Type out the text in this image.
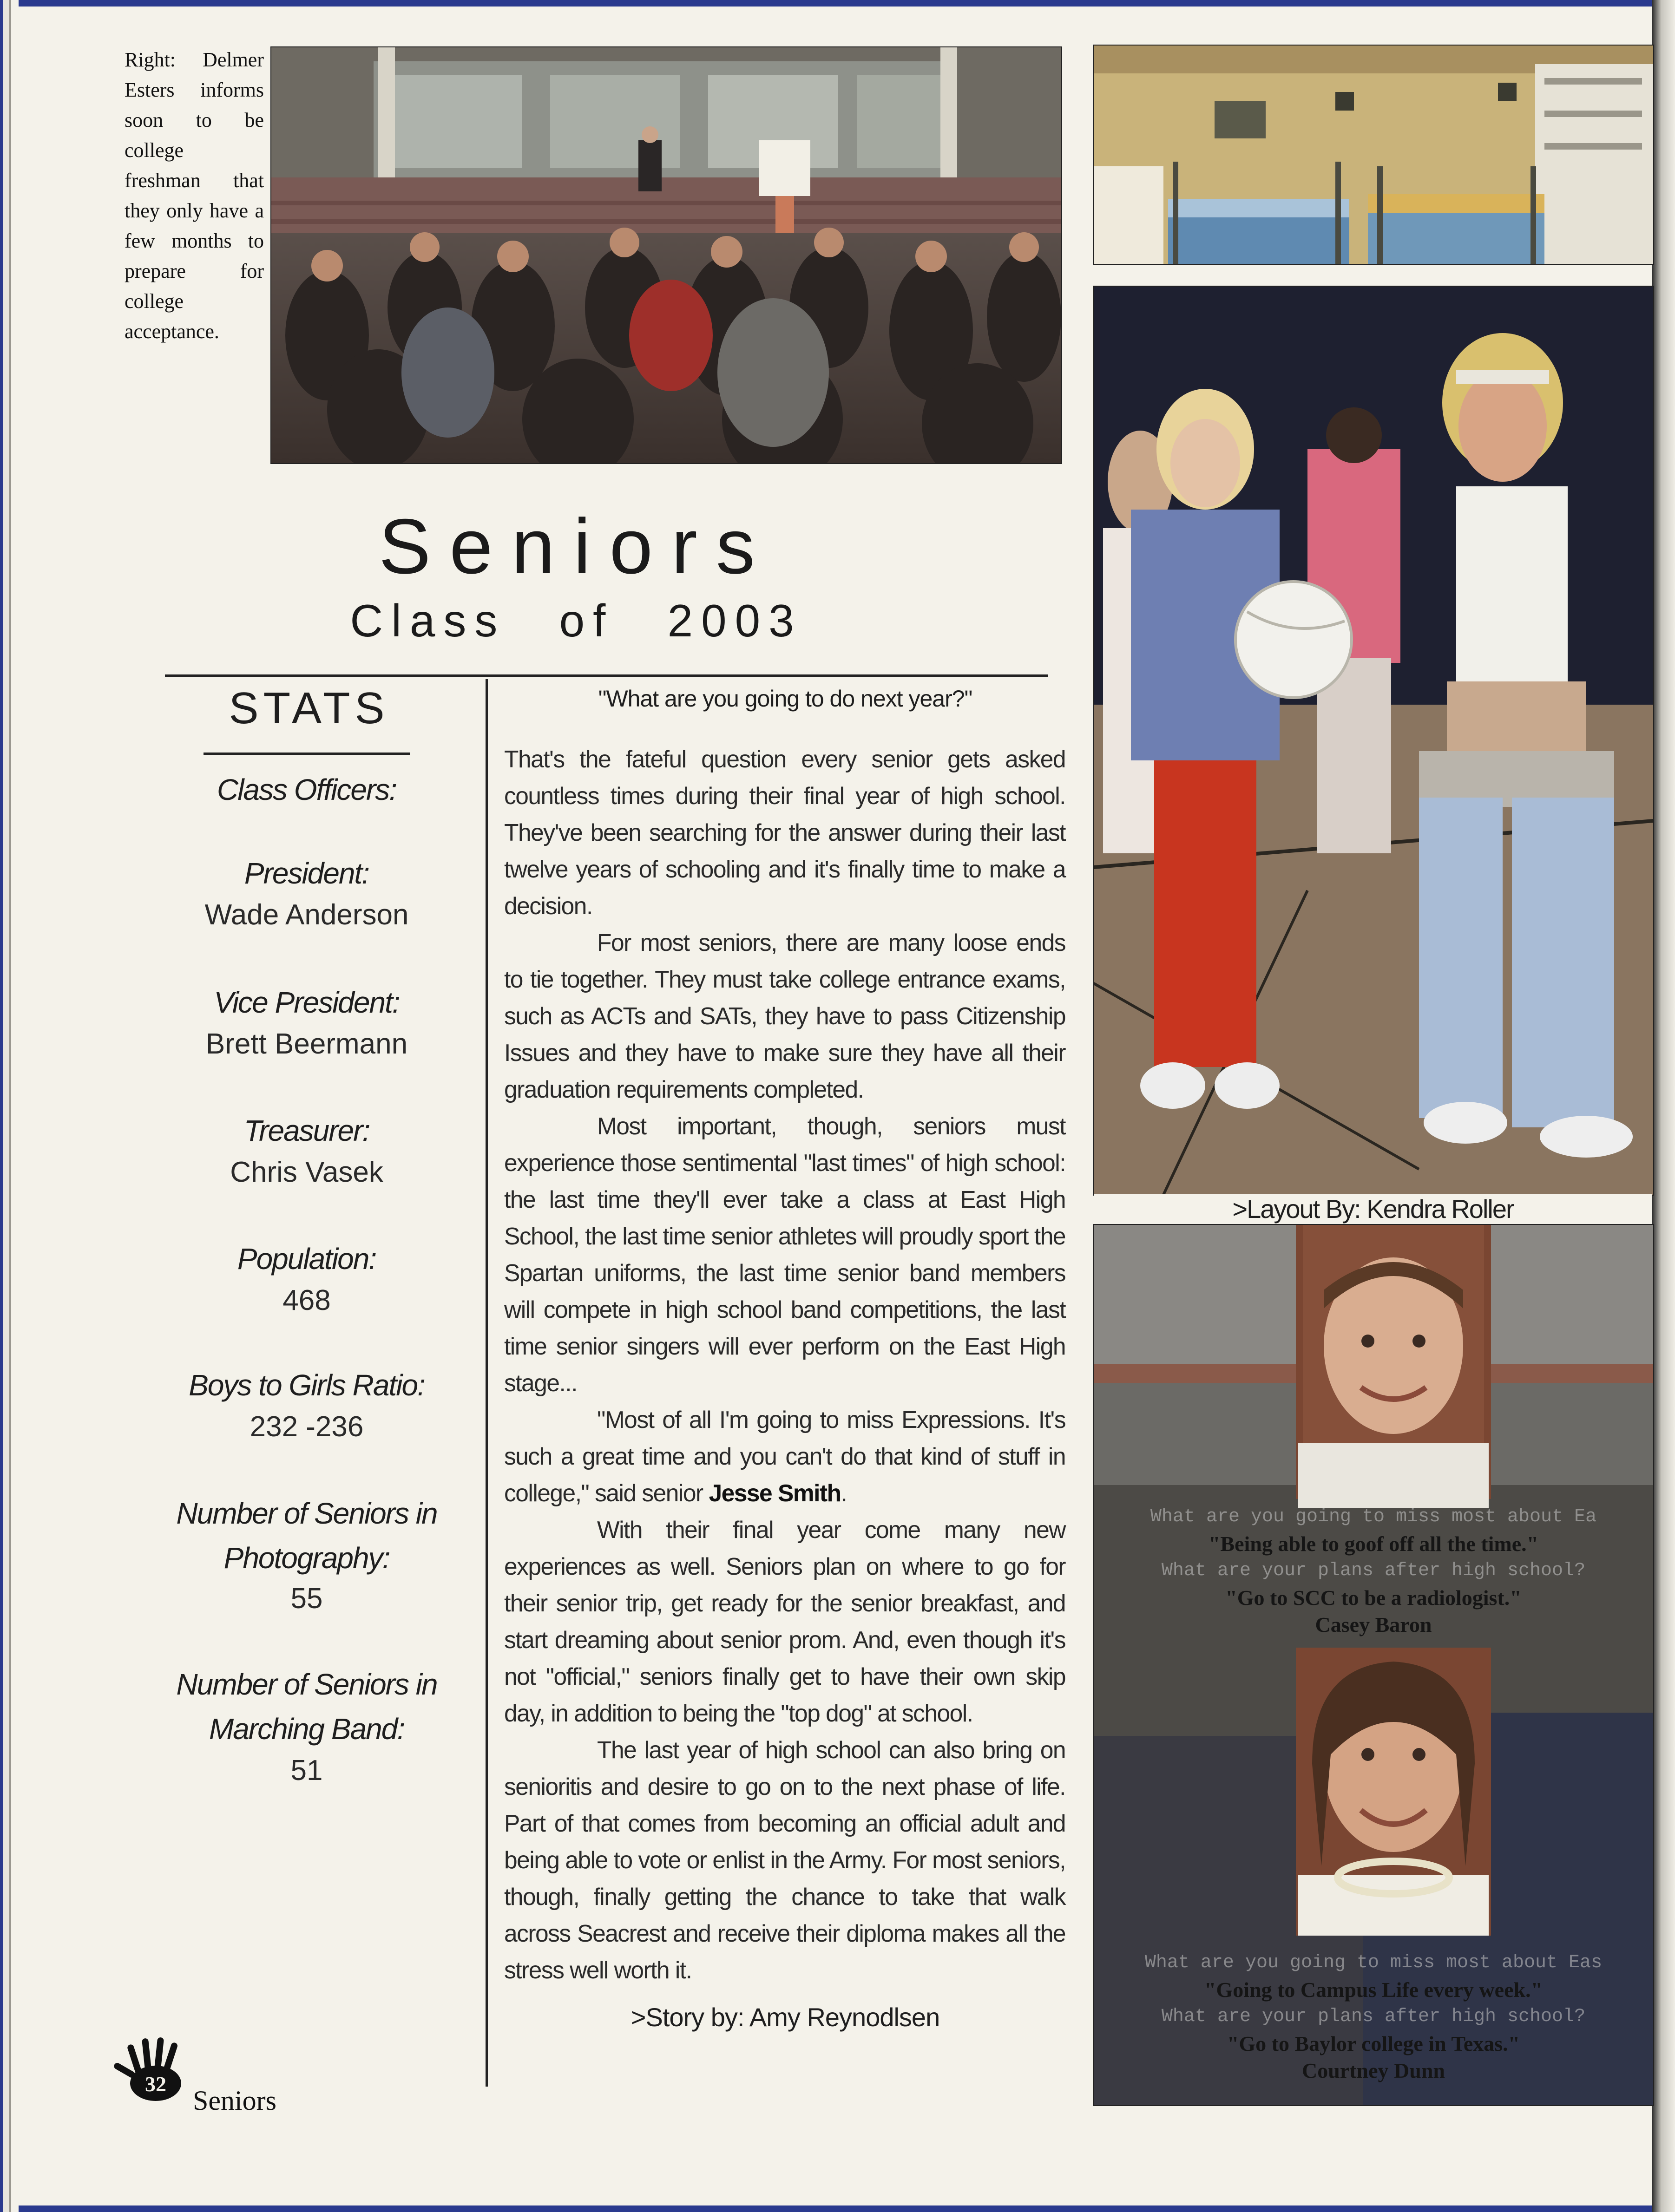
Right: Delmer Esters informs soon to be college freshman that they only have a few months to prepare for college acceptance.
>Layout By: Kendra Roller
What are you going to miss most about Ea
"Being able to goof off all the time."
What are your plans after high school?
"Go to SCC to be a radiologist."
Casey Baron
What are you going to miss most about Eas
"Going to Campus Life every week."
What are your plans after high school?
"Go to Baylor college in Texas."
Courtney Dunn
Seniors
Class of 2003
STATS
Class Officers:
President:
Wade Anderson
Vice President:
Brett Beermann
Treasurer:
Chris Vasek
Population:
468
Boys to Girls Ratio:
232 -236
Number of Seniors in
Photography:
55
Number of Seniors in
Marching Band:
51
"What are you going to do next year?"

That's the fateful question every senior gets asked countless times during their final year of high school. They've been searching for the answer during their last twelve years of schooling and it's finally time to make a decision.

For most seniors, there are many loose ends to tie together. They must take college entrance exams, such as ACTs and SATs, they have to pass Citizenship Issues and they have to make sure they have all their graduation requirements completed.

Most important, though, seniors must experience those sentimental "last times" of high school: the last time they'll ever take a class at East High School, the last time senior athletes will proudly sport the Spartan uniforms, the last time senior band members will compete in high school band competitions, the last time senior singers will ever perform on the East High stage...

"Most of all I'm going to miss Expressions. It's such a great time and you can't do that kind of stuff in college," said senior Jesse Smith.

With their final year come many new experiences as well. Seniors plan on where to go for their senior trip, get ready for the senior breakfast, and start dreaming about senior prom. And, even though it's not "official," seniors finally get to have their own skip day, in addition to being the "top dog" at school.

The last year of high school can also bring on senioritis and desire to go on to the next phase of life. Part of that comes from becoming an official adult and being able to vote or enlist in the Army. For most seniors, though, finally getting the chance to take that walk across Seacrest and receive their diploma makes all the stress well worth it.

>Story by: Amy Reynodlsen
32
Seniors
